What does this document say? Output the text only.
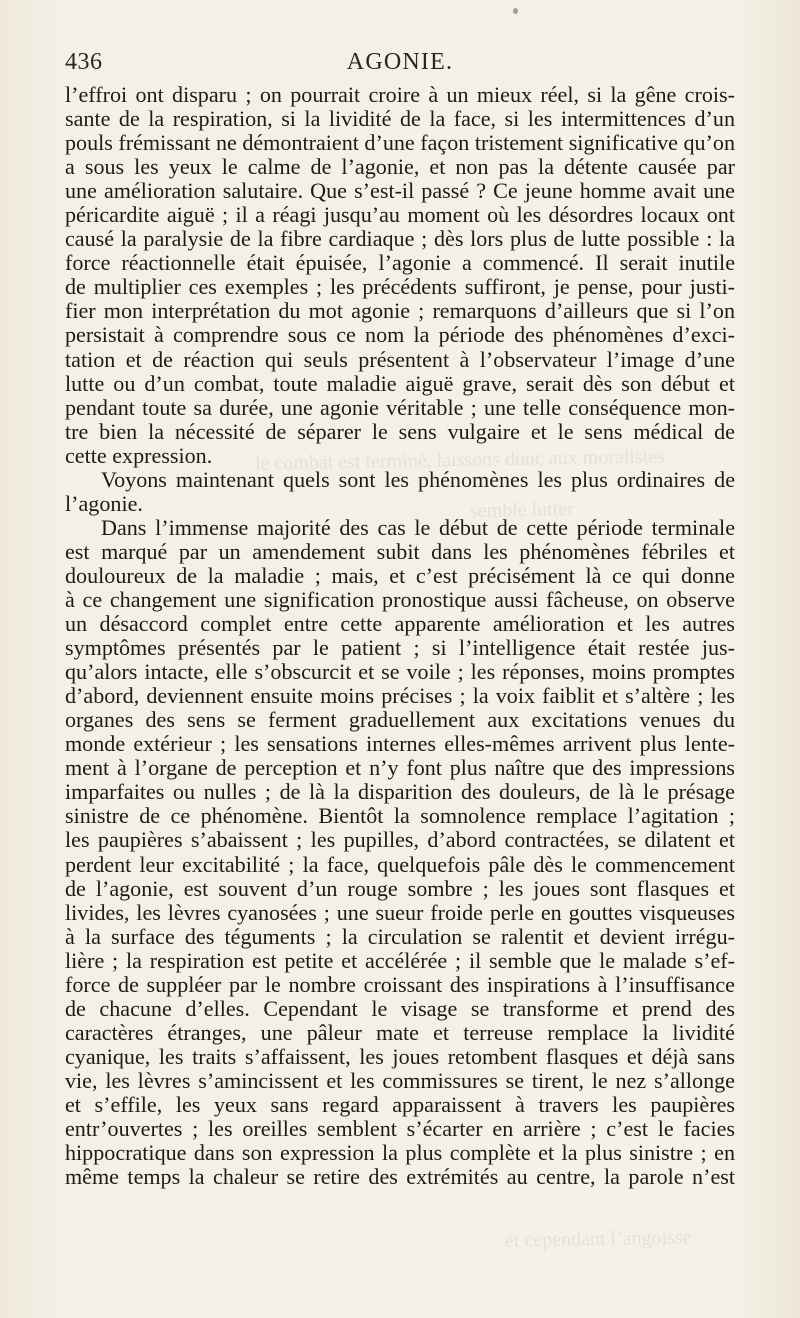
le combat est terminé, laissons donc aux moralistes
semble lutter
et cependant l’angoisse
436	AGONIE.
l’effroi ont disparu ; on pourrait croire à un mieux réel, si la gêne crois-
sante de la respiration, si la lividité de la face, si les intermittences d’un
pouls frémissant ne démontraient d’une façon tristement significative qu’on
a sous les yeux le calme de l’agonie, et non pas la détente causée par
une amélioration salutaire. Que s’est-il passé ? Ce jeune homme avait une
péricardite aiguë ; il a réagi jusqu’au moment où les désordres locaux ont
causé la paralysie de la fibre cardiaque ; dès lors plus de lutte possible : la
force réactionnelle était épuisée, l’agonie a commencé. Il serait inutile
de multiplier ces exemples ; les précédents suffiront, je pense, pour justi-
fier mon interprétation du mot agonie ; remarquons d’ailleurs que si l’on
persistait à comprendre sous ce nom la période des phénomènes d’exci-
tation et de réaction qui seuls présentent à l’observateur l’image d’une
lutte ou d’un combat, toute maladie aiguë grave, serait dès son début et
pendant toute sa durée, une agonie véritable ; une telle conséquence mon-
tre bien la nécessité de séparer le sens vulgaire et le sens médical de
cette expression.
Voyons maintenant quels sont les phénomènes les plus ordinaires de
l’agonie.
Dans l’immense majorité des cas le début de cette période terminale
est marqué par un amendement subit dans les phénomènes fébriles et
douloureux de la maladie ; mais, et c’est précisément là ce qui donne
à ce changement une signification pronostique aussi fâcheuse, on observe
un désaccord complet entre cette apparente amélioration et les autres
symptômes présentés par le patient ; si l’intelligence était restée jus-
qu’alors intacte, elle s’obscurcit et se voile ; les réponses, moins promptes
d’abord, deviennent ensuite moins précises ; la voix faiblit et s’altère ; les
organes des sens se ferment graduellement aux excitations venues du
monde extérieur ; les sensations internes elles-mêmes arrivent plus lente-
ment à l’organe de perception et n’y font plus naître que des impressions
imparfaites ou nulles ; de là la disparition des douleurs, de là le présage
sinistre de ce phénomène. Bientôt la somnolence remplace l’agitation ;
les paupières s’abaissent ; les pupilles, d’abord contractées, se dilatent et
perdent leur excitabilité ; la face, quelquefois pâle dès le commencement
de l’agonie, est souvent d’un rouge sombre ; les joues sont flasques et
livides, les lèvres cyanosées ; une sueur froide perle en gouttes visqueuses
à la surface des téguments ; la circulation se ralentit et devient irrégu-
lière ; la respiration est petite et accélérée ; il semble que le malade s’ef-
force de suppléer par le nombre croissant des inspirations à l’insuffisance
de chacune d’elles. Cependant le visage se transforme et prend des
caractères étranges, une pâleur mate et terreuse remplace la lividité
cyanique, les traits s’affaissent, les joues retombent flasques et déjà sans
vie, les lèvres s’amincissent et les commissures se tirent, le nez s’allonge
et s’effile, les yeux sans regard apparaissent à travers les paupières
entr’ouvertes ; les oreilles semblent s’écarter en arrière ; c’est le facies
hippocratique dans son expression la plus complète et la plus sinistre ; en
même temps la chaleur se retire des extrémités au centre, la parole n’est
